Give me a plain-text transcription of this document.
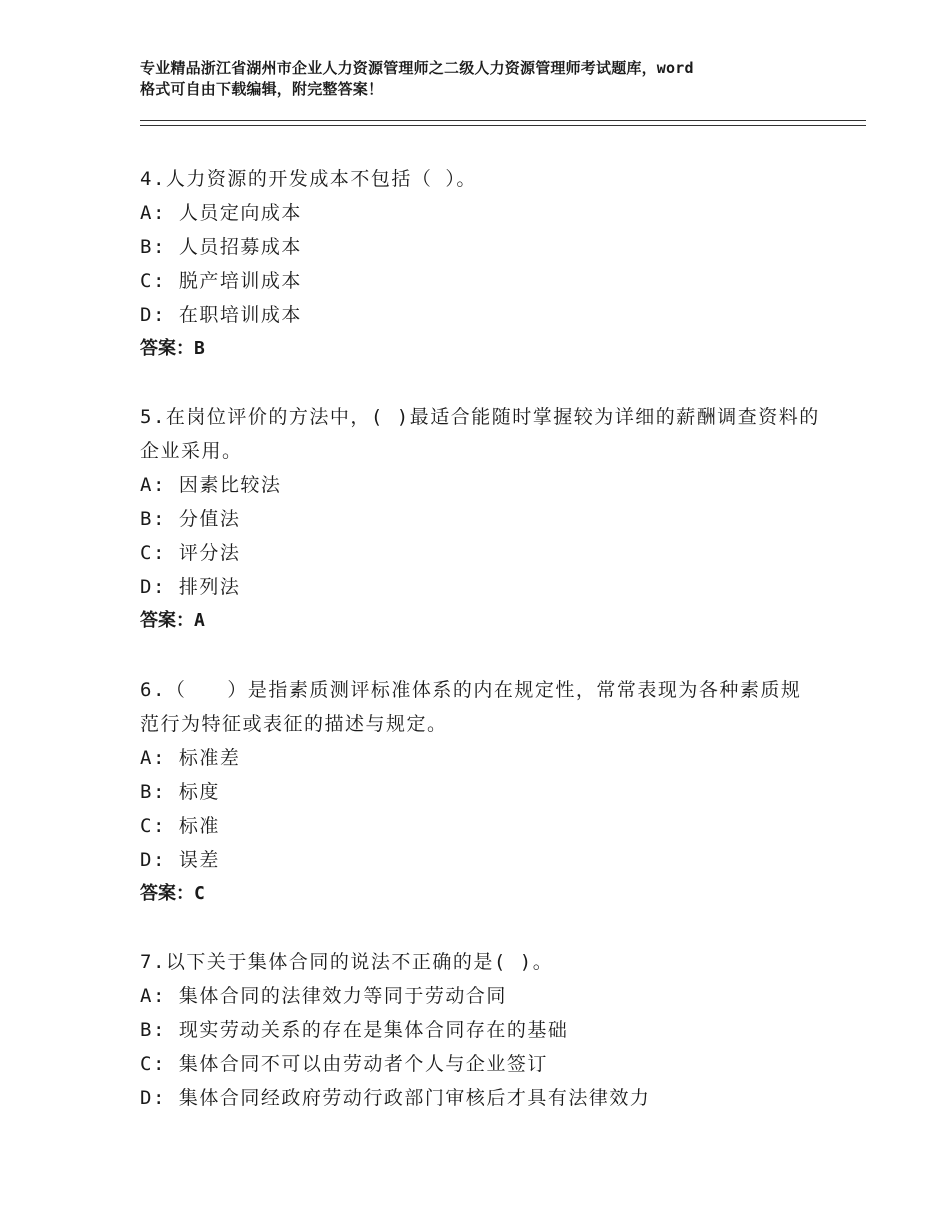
专业精品浙江省湖州市企业人力资源管理师之二级人力资源管理师考试题库，word
格式可自由下载编辑，附完整答案！

4.人力资源的开发成本不包括（ ）。

A: 人员定向成本

B: 人员招募成本

C: 脱产培训成本

D: 在职培训成本

答案：B

5.在岗位评价的方法中，( )最适合能随时掌握较为详细的薪酬调查资料的企业采用。

A: 因素比较法

B: 分值法

C: 评分法

D: 排列法

答案：A

6.（　　）是指素质测评标准体系的内在规定性，常常表现为各种素质规范行为特征或表征的描述与规定。

A: 标准差

B: 标度

C: 标准

D: 误差

答案：C

7.以下关于集体合同的说法不正确的是( )。

A: 集体合同的法律效力等同于劳动合同

B: 现实劳动关系的存在是集体合同存在的基础

C: 集体合同不可以由劳动者个人与企业签订

D: 集体合同经政府劳动行政部门审核后才具有法律效力
